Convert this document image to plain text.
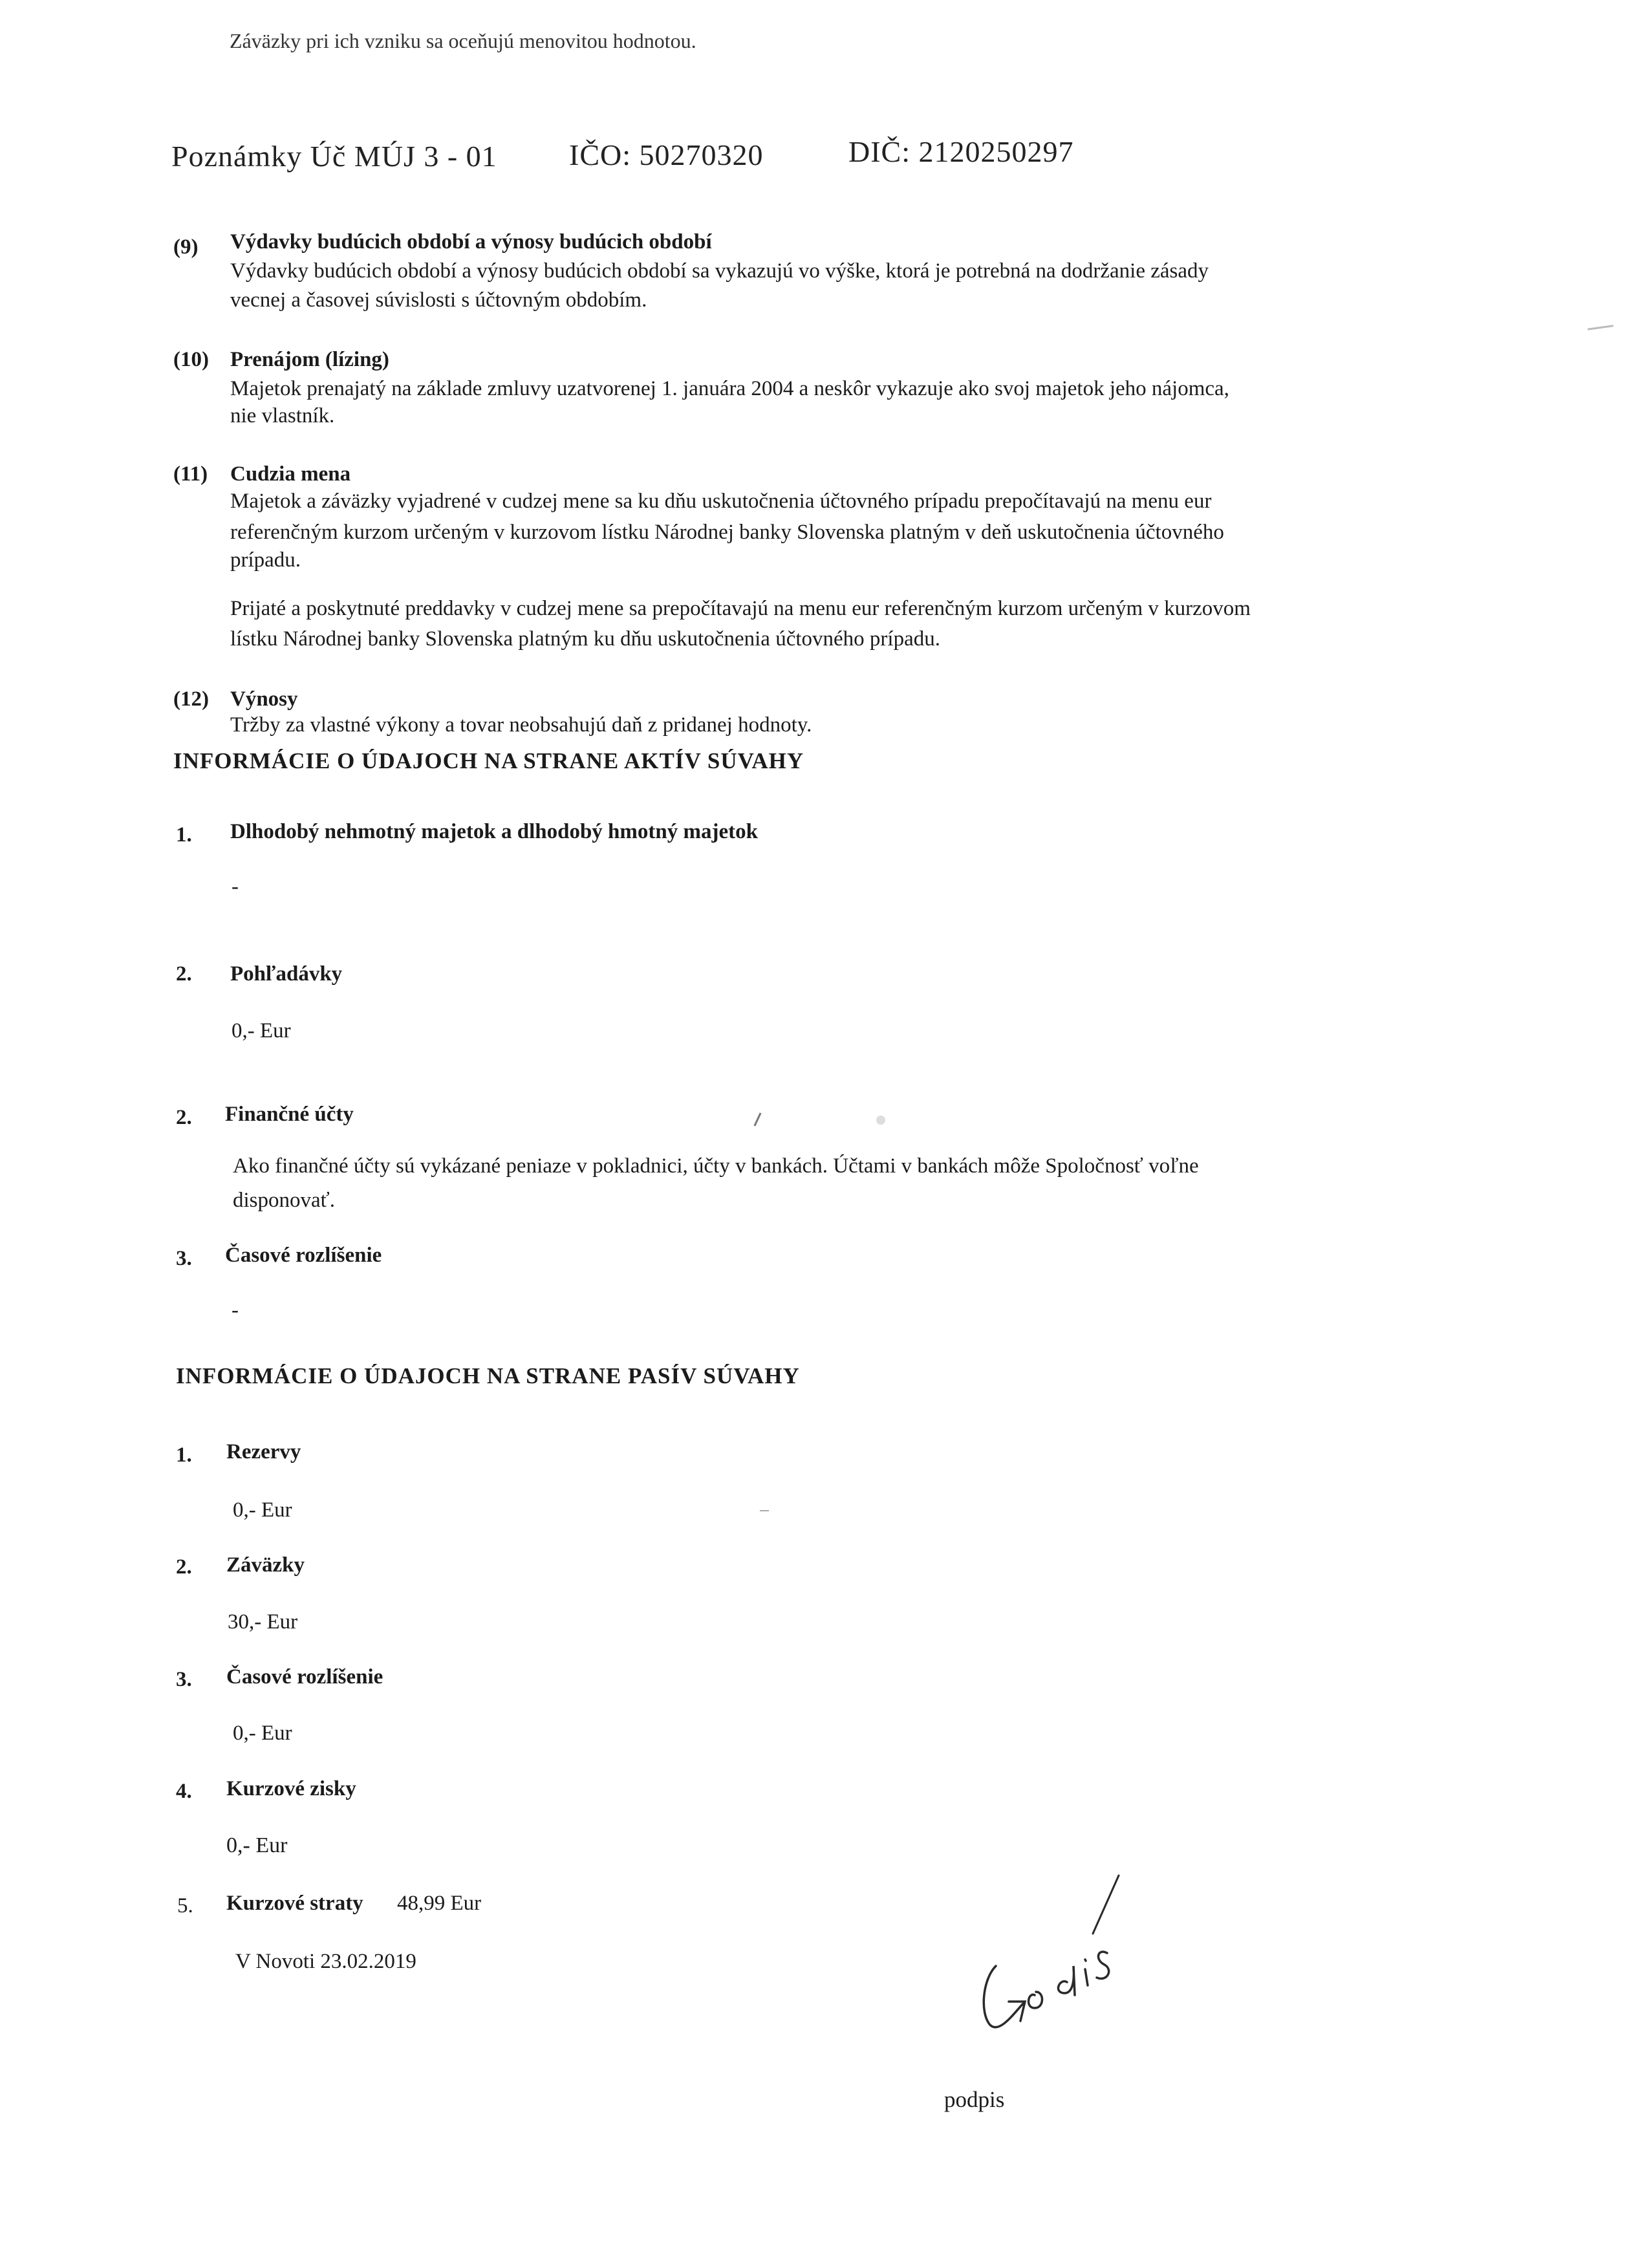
Záväzky pri ich vzniku sa oceňujú menovitou hodnotou.

Poznámky Úč MÚJ 3 - 01 IČO: 50270320	DIČ: 2120250297
(9) Výdavky budúcich období a výnosy budúcich období
Výdavky budúcich období a výnosy budúcich období sa vykazujú vo výške, ktorá je potrebná na dodržanie zásady
vecnej a časovej súvislosti s účtovným obdobím.
(10) Prenájom (lízing)
Majetok prenajatý na základe zmluvy uzatvorenej 1. januára 2004 a neskôr vykazuje ako svoj majetok jeho nájomca,
nie vlastník.
(11) Cudzia mena
Majetok a záväzky vyjadrené v cudzej mene sa ku dňu uskutočnenia účtovného prípadu prepočítavajú na menu eur
referenčným kurzom určeným v kurzovom lístku Národnej banky Slovenska platným v deň uskutočnenia účtovného
prípadu.
Prijaté a poskytnuté preddavky v cudzej mene sa prepočítavajú na menu eur referenčným kurzom určeným v kurzovom
lístku Národnej banky Slovenska platným ku dňu uskutočnenia účtovného prípadu.
(12) Výnosy
Tržby za vlastné výkony a tovar neobsahujú daň z pridanej hodnoty.
INFORMÁCIE O ÚDAJOCH NA STRANE AKTÍV SÚVAHY
1. Dlhodobý nehmotný majetok a dlhodobý hmotný majetok
-
2. Pohľadávky
0,- Eur
2. Finančné účty
Ako finančné účty sú vykázané peniaze v pokladnici, účty v bankách. Účtami v bankách môže Spoločnosť voľne
disponovať.
3. Časové rozlíšenie
-
INFORMÁCIE O ÚDAJOCH NA STRANE PASÍV SÚVAHY
1. Rezervy
0,- Eur
2. Záväzky
30,- Eur
3. Časové rozlíšenie
0,- Eur
4. Kurzové zisky
0,- Eur
5. Kurzové straty 48,99 Eur
V Novoti 23.02.2019
podpis
